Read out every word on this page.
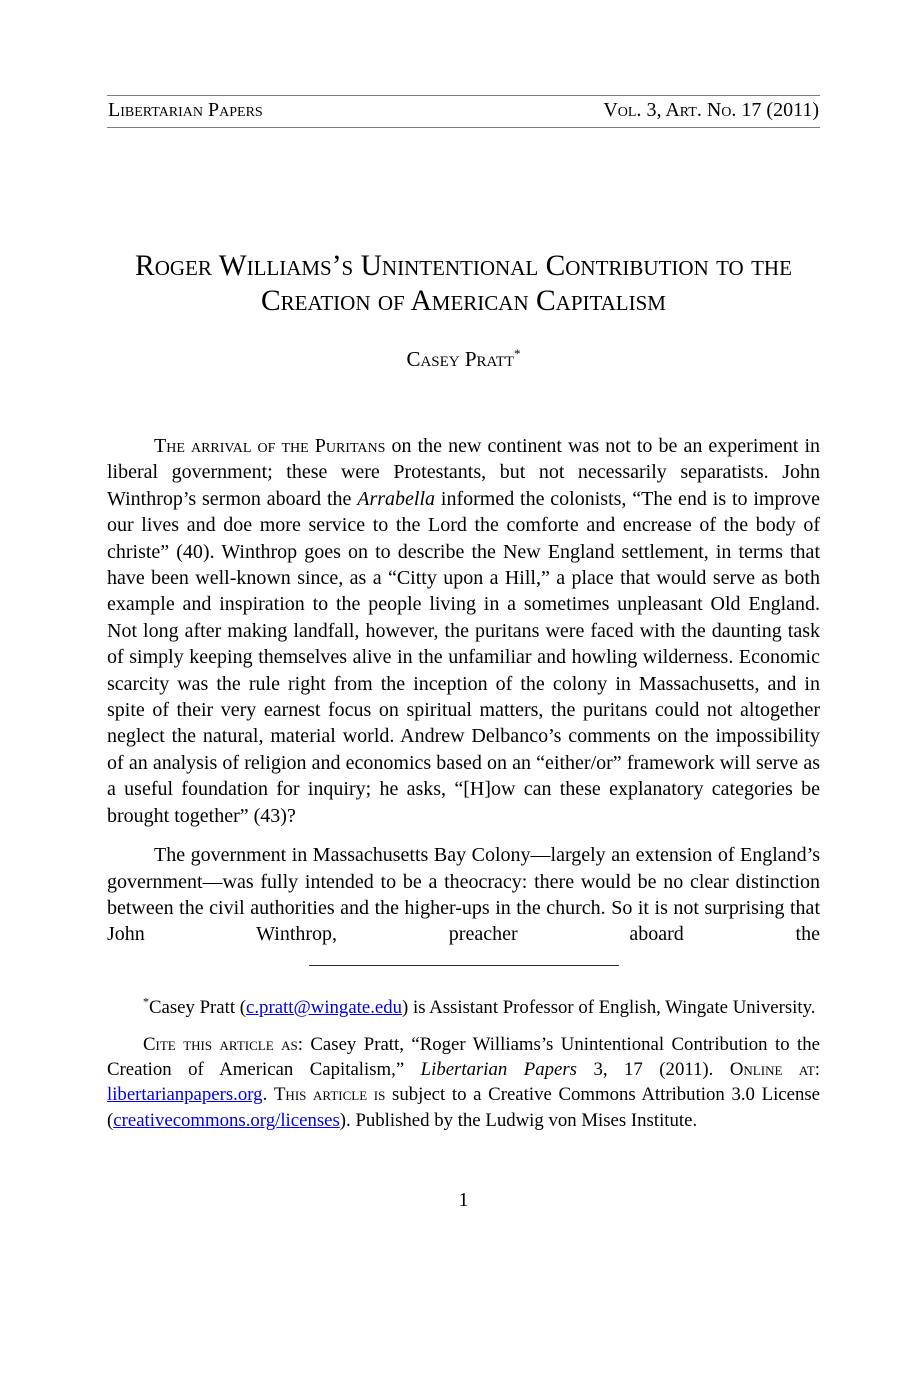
Libertarian Papers	Vol. 3, Art. No. 17 (2011)
Roger Williams’s Unintentional Contribution to the Creation of American Capitalism
Casey Pratt*

The arrival of the Puritans on the new continent was not to be an experiment in liberal government; these were Protestants, but not necessarily separatists. John Winthrop’s sermon aboard the Arrabella informed the colonists, “The end is to improve our lives and doe more service to the Lord the comforte and encrease of the body of christe” (40). Winthrop goes on to describe the New England settlement, in terms that have been well-known since, as a “Citty upon a Hill,” a place that would serve as both example and inspiration to the people living in a sometimes unpleasant Old England. Not long after making landfall, however, the puritans were faced with the daunting task of simply keeping themselves alive in the unfamiliar and howling wilderness. Economic scarcity was the rule right from the inception of the colony in Massachusetts, and in spite of their very earnest focus on spiritual matters, the puritans could not altogether neglect the natural, material world. Andrew Delbanco’s comments on the impossibility of an analysis of religion and economics based on an “either/or” framework will serve as a useful foundation for inquiry; he asks, “[H]ow can these explanatory categories be brought together” (43)?

The government in Massachusetts Bay Colony—largely an extension of England’s government—was fully intended to be a theocracy: there would be no clear distinction between the civil authorities and the higher-ups in the church. So it is not surprising that John Winthrop, preacher aboard the

*Casey Pratt (c.pratt@wingate.edu) is Assistant Professor of English, Wingate University.

Cite this article as: Casey Pratt, “Roger Williams’s Unintentional Contribution to the Creation of American Capitalism,” Libertarian Papers 3, 17 (2011). Online at: libertarianpapers.org. This article is subject to a Creative Commons Attribution 3.0 License (creativecommons.org/licenses). Published by the Ludwig von Mises Institute.

1
